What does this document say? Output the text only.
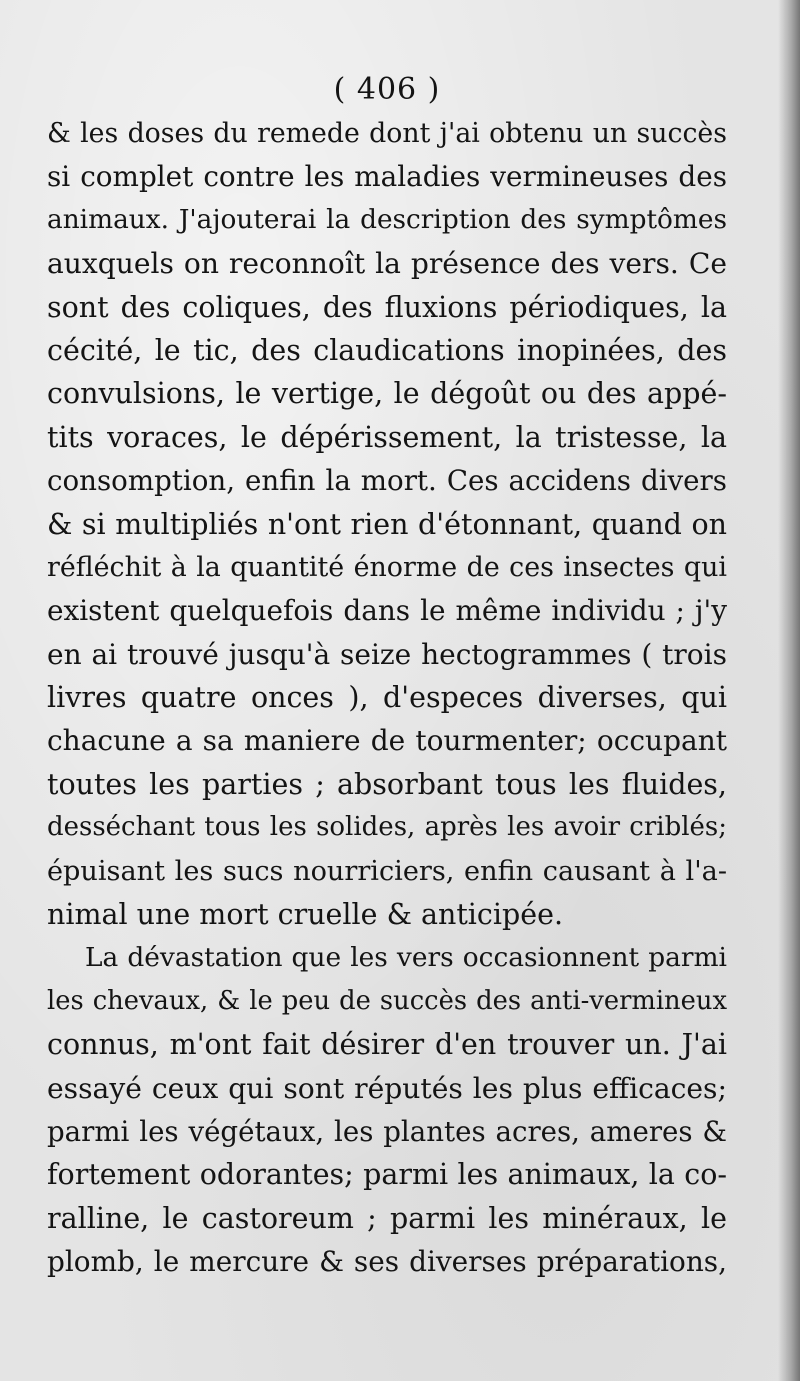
( 406 )
& les doses du remede dont j'ai obtenu un succès
si complet contre les maladies vermineuses des
animaux. J'ajouterai la description des symptômes
auxquels on reconnoît la présence des vers. Ce
sont des coliques, des fluxions périodiques, la
cécité, le tic, des claudications inopinées, des
convulsions, le vertige, le dégoût ou des appé-
tits voraces, le dépérissement, la tristesse, la
consomption, enfin la mort. Ces accidens divers
& si multipliés n'ont rien d'étonnant, quand on
réfléchit à la quantité énorme de ces insectes qui
existent quelquefois dans le même individu ; j'y
en ai trouvé jusqu'à seize hectogrammes ( trois
livres quatre onces ), d'especes diverses, qui
chacune a sa maniere de tourmenter; occupant
toutes les parties ; absorbant tous les fluides,
desséchant tous les solides, après les avoir criblés;
épuisant les sucs nourriciers, enfin causant à l'a-
nimal une mort cruelle & anticipée.
La dévastation que les vers occasionnent parmi
les chevaux, & le peu de succès des anti-vermineux
connus, m'ont fait désirer d'en trouver un. J'ai
essayé ceux qui sont réputés les plus efficaces;
parmi les végétaux, les plantes acres, ameres &
fortement odorantes; parmi les animaux, la co-
ralline, le castoreum ; parmi les minéraux, le
plomb, le mercure & ses diverses préparations,
